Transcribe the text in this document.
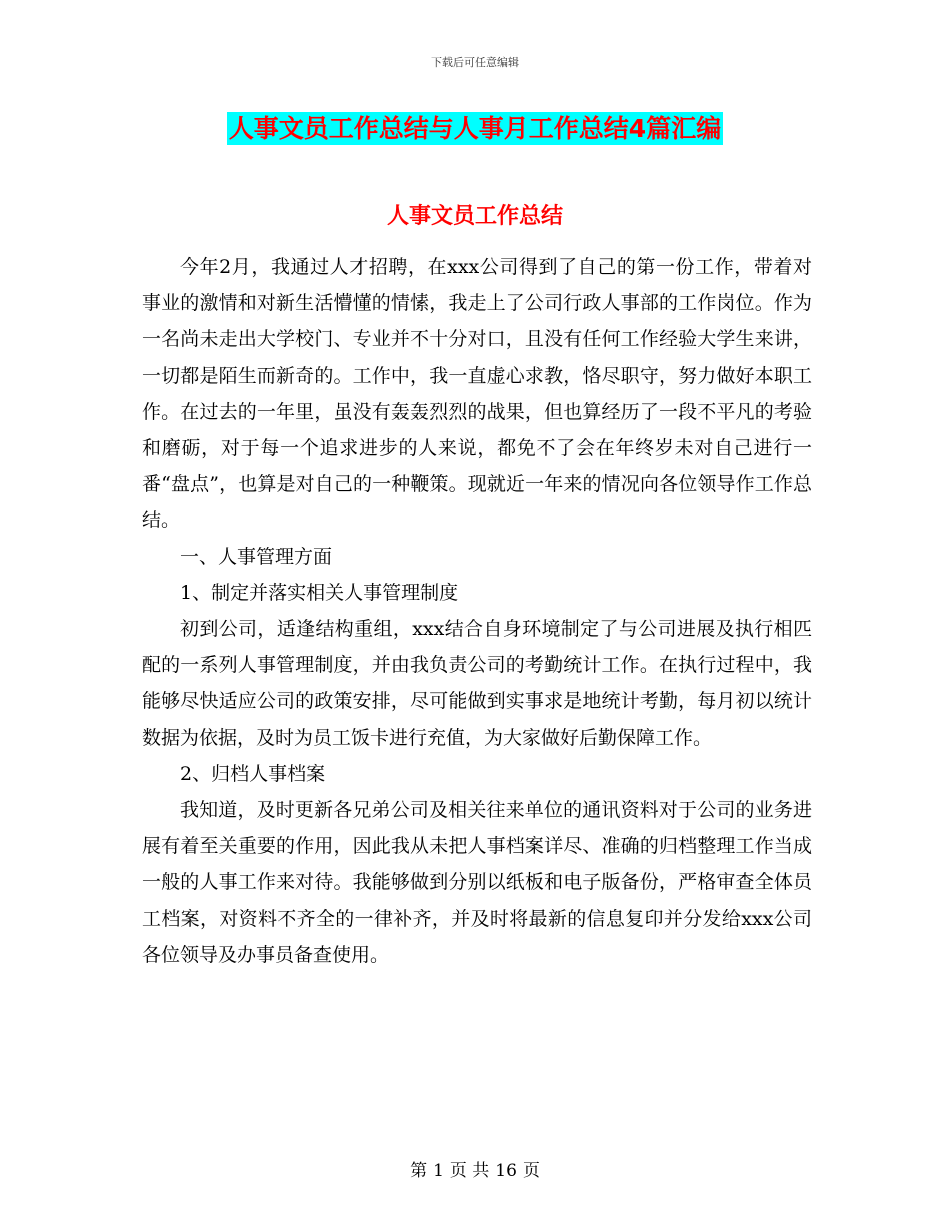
下载后可任意编辑
人事文员工作总结与人事月工作总结4篇汇编
人事文员工作总结

今年2月，我通过人才招聘，在xxx公司得到了自己的第一份工作，带着对事业的激情和对新生活懵懂的情愫，我走上了公司行政人事部的工作岗位。作为一名尚未走出大学校门、专业并不十分对口，且没有任何工作经验大学生来讲，一切都是陌生而新奇的。工作中，我一直虚心求教，恪尽职守，努力做好本职工作。在过去的一年里，虽没有轰轰烈烈的战果，但也算经历了一段不平凡的考验和磨砺，对于每一个追求进步的人来说，都免不了会在年终岁未对自己进行一番“盘点”，也算是对自己的一种鞭策。现就近一年来的情况向各位领导作工作总结。

一、人事管理方面

1、制定并落实相关人事管理制度

初到公司，适逢结构重组，xxx结合自身环境制定了与公司进展及执行相匹配的一系列人事管理制度，并由我负责公司的考勤统计工作。在执行过程中，我能够尽快适应公司的政策安排，尽可能做到实事求是地统计考勤，每月初以统计数据为依据，及时为员工饭卡进行充值，为大家做好后勤保障工作。

2、归档人事档案

我知道，及时更新各兄弟公司及相关往来单位的通讯资料对于公司的业务进展有着至关重要的作用，因此我从未把人事档案详尽、准确的归档整理工作当成一般的人事工作来对待。我能够做到分别以纸板和电子版备份，严格审查全体员工档案，对资料不齐全的一律补齐，并及时将最新的信息复印并分发给xxx公司各位领导及办事员备查使用。

第 1 页 共 16 页
